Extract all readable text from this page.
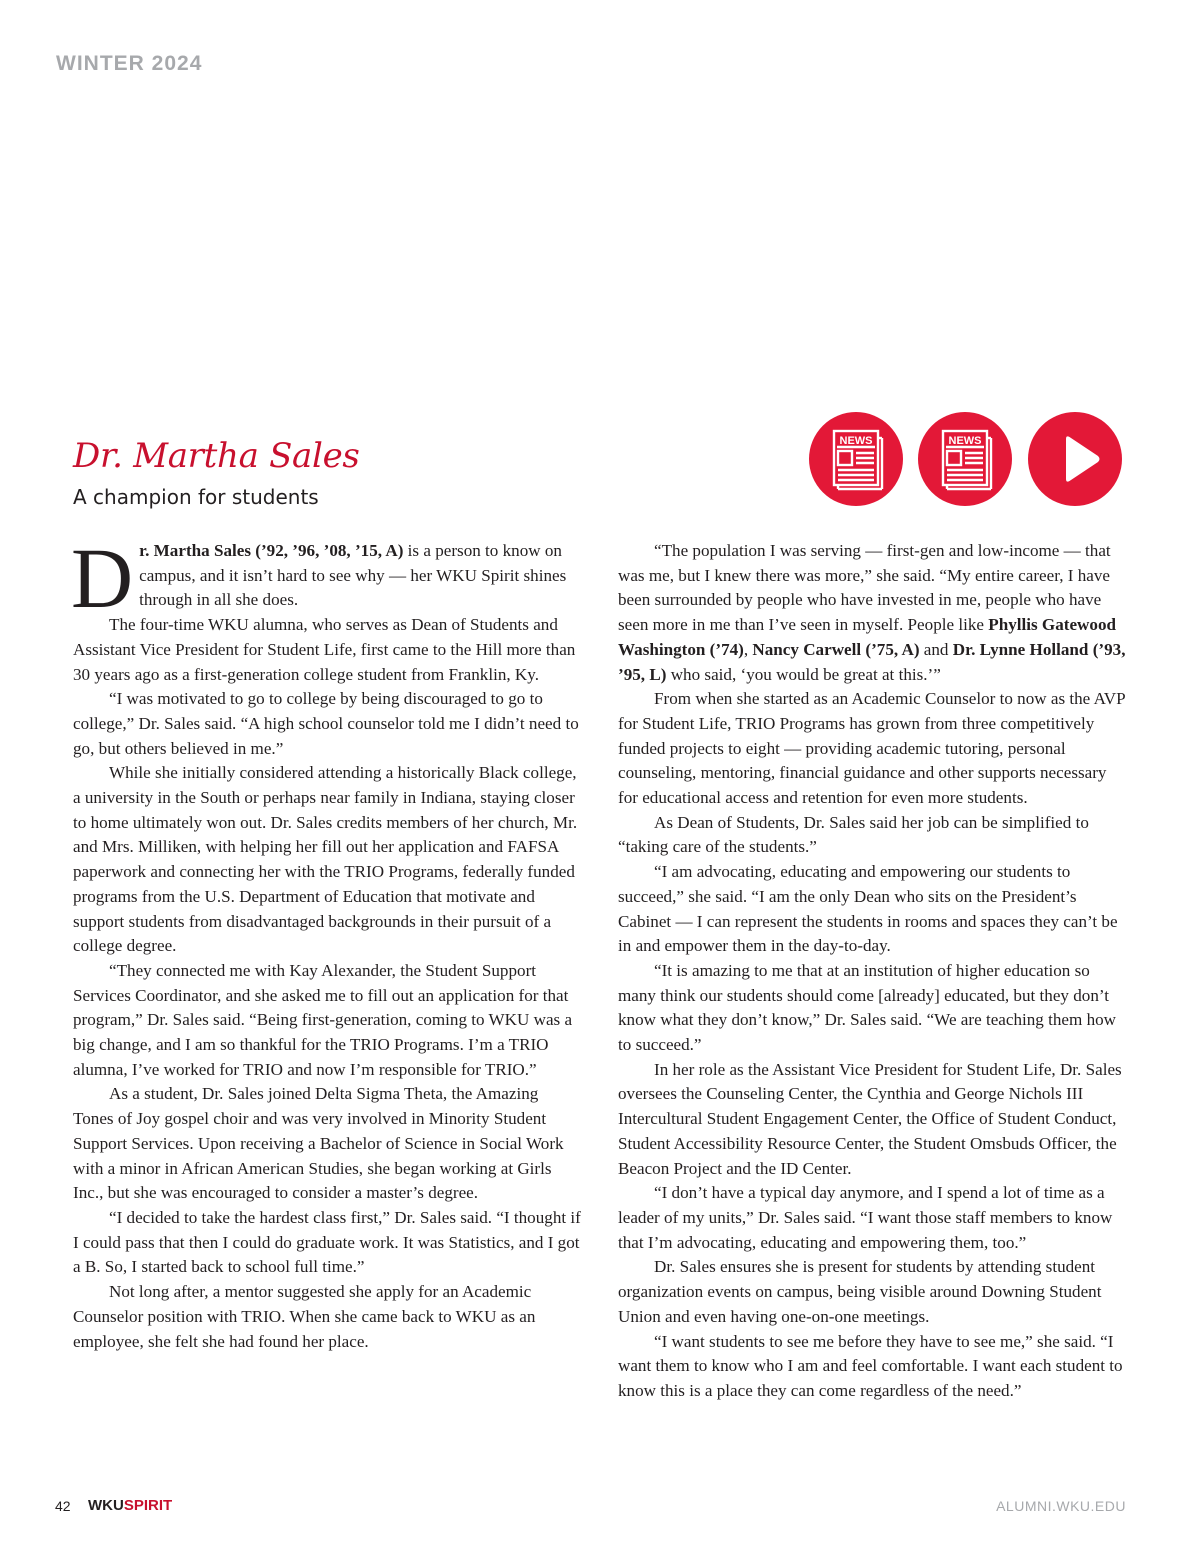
WINTER 2024
Dr. Martha Sales
A champion for students
NEWS	NEWS

Dr. Martha Sales (’92, ’96, ’08, ’15, A) is a person to know on campus, and it isn’t hard to see why — her WKU Spirit shines through in all she does.

The four-time WKU alumna, who serves as Dean of Students and Assistant Vice President for Student Life, first came to the Hill more than 30 years ago as a first-generation college student from Franklin, Ky.

“I was motivated to go to college by being discouraged to go to college,” Dr. Sales said. “A high school counselor told me I didn’t need to go, but others believed in me.”

While she initially considered attending a historically Black college, a university in the South or perhaps near family in Indiana, staying closer to home ultimately won out. Dr. Sales credits members of her church, Mr. and Mrs. Milliken, with helping her fill out her application and FAFSA paperwork and connecting her with the TRIO Programs, federally funded programs from the U.S. Department of Education that motivate and support students from disadvantaged backgrounds in their pursuit of a college degree.

“They connected me with Kay Alexander, the Student Support Services Coordinator, and she asked me to fill out an application for that program,” Dr. Sales said. “Being first-generation, coming to WKU was a big change, and I am so thankful for the TRIO Programs. I’m a TRIO alumna, I’ve worked for TRIO and now I’m responsible for TRIO.”

As a student, Dr. Sales joined Delta Sigma Theta, the Amazing Tones of Joy gospel choir and was very involved in Minority Student Support Services. Upon receiving a Bachelor of Science in Social Work with a minor in African American Studies, she began working at Girls Inc., but she was encouraged to consider a master’s degree.

“I decided to take the hardest class first,” Dr. Sales said. “I thought if I could pass that then I could do graduate work. It was Statistics, and I got a B. So, I started back to school full time.”

Not long after, a mentor suggested she apply for an Academic Counselor position with TRIO. When she came back to WKU as an employee, she felt she had found her place.

“The population I was serving — first-gen and low-income — that was me, but I knew there was more,” she said. “My entire career, I have been surrounded by people who have invested in me, people who have seen more in me than I’ve seen in myself. People like Phyllis Gatewood Washington (’74), Nancy Carwell (’75, A) and Dr. Lynne Holland (’93, ’95, L) who said, ‘you would be great at this.’”

From when she started as an Academic Counselor to now as the AVP for Student Life, TRIO Programs has grown from three competitively funded projects to eight — providing academic tutoring, personal counseling, mentoring, financial guidance and other supports necessary for educational access and retention for even more students.

As Dean of Students, Dr. Sales said her job can be simplified to “taking care of the students.”

“I am advocating, educating and empowering our students to succeed,” she said. “I am the only Dean who sits on the President’s Cabinet — I can represent the students in rooms and spaces they can’t be in and empower them in the day-to-day.

“It is amazing to me that at an institution of higher education so many think our students should come [already] educated, but they don’t know what they don’t know,” Dr. Sales said. “We are teaching them how to succeed.”

In her role as the Assistant Vice President for Student Life, Dr. Sales oversees the Counseling Center, the Cynthia and George Nichols III Intercultural Student Engagement Center, the Office of Student Conduct, Student Accessibility Resource Center, the Student Omsbuds Officer, the Beacon Project and the ID Center.

“I don’t have a typical day anymore, and I spend a lot of time as a leader of my units,” Dr. Sales said. “I want those staff members to know that I’m advocating, educating and empowering them, too.”

Dr. Sales ensures she is present for students by attending student organization events on campus, being visible around Downing Student Union and even having one-on-one meetings.

“I want students to see me before they have to see me,” she said. “I want them to know who I am and feel comfortable. I want each student to know this is a place they can come regardless of the need.”

42 WKUSPIRIT	ALUMNI.WKU.EDU
